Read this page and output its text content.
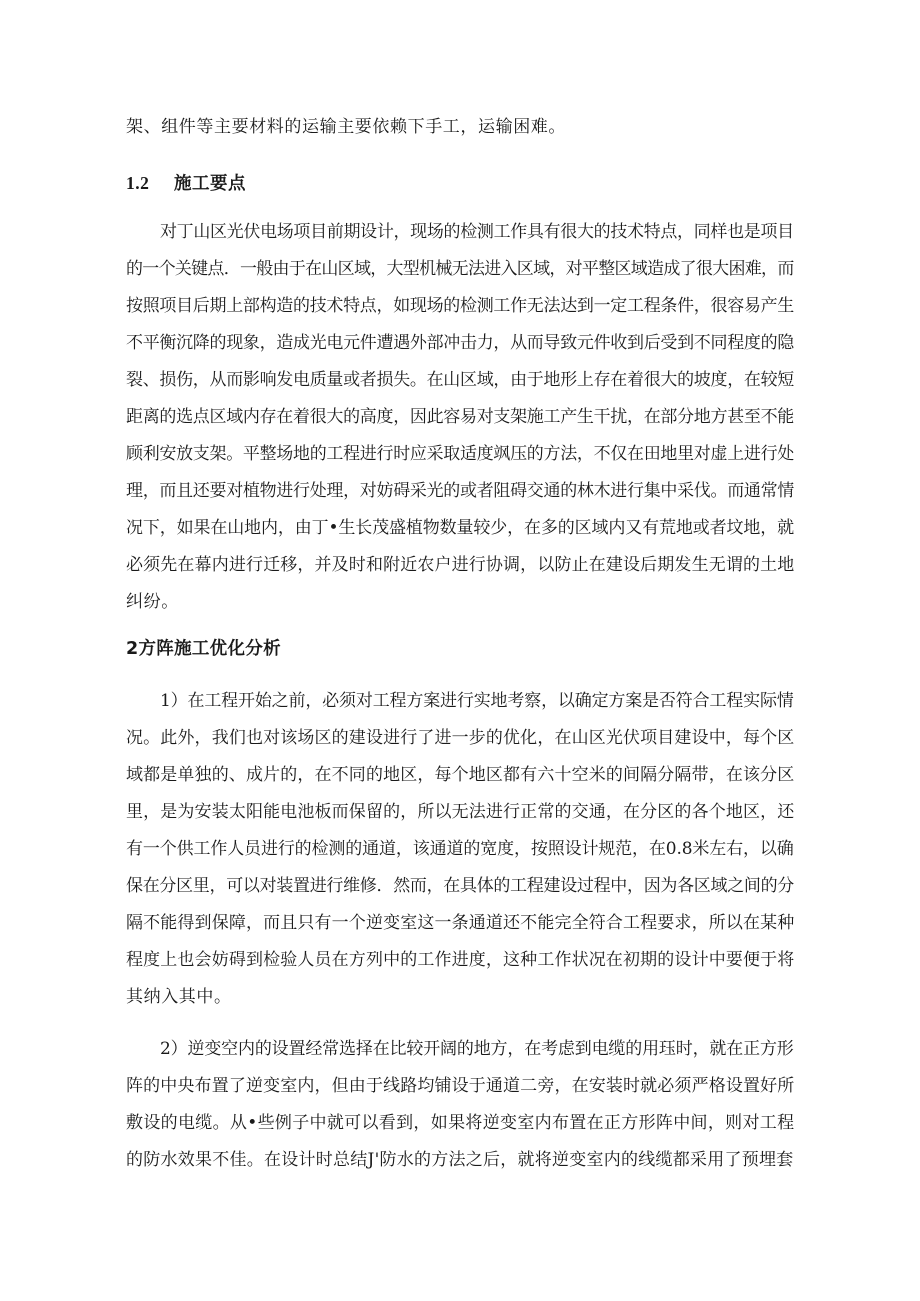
架、组件等主要材料的运输主要依赖下手工，运输困难。
1.2 施工要点
对丁山区光伏电场项目前期设计，现场的检测工作具有很大的技术特点，同样也是项目
的一个关键点．一般由于在山区域，大型机械无法进入区域，对平整区域造成了很大困难，而
按照项目后期上部构造的技术特点，如现场的检测工作无法达到一定工程条件，很容易产生
不平衡沉降的现象，造成光电元件遭遇外部冲击力，从而导致元件收到后受到不同程度的隐
裂、损伤，从而影响发电质量或者损失。在山区域，由于地形上存在着很大的坡度，在较短
距离的选点区域内存在着很大的高度，因此容易对支架施工产生干扰，在部分地方甚至不能
顾利安放支架。平整场地的工程进行时应采取适度飒压的方法，不仅在田地里对虚上进行处
理，而且还要对植物进行处理，对妨碍采光的或者阻碍交通的林木进行集中采伐。而通常情
况下，如果在山地内，由丁•生长茂盛植物数量较少，在多的区域内又有荒地或者坟地，就
必须先在幕内进行迁移，并及时和附近农户进行协调，以防止在建设后期发生无谓的土地
纠纷。
2方阵施工优化分析
1）在工程开始之前，必须对工程方案进行实地考察，以确定方案是否符合工程实际情
况。此外，我们也对该场区的建设进行了进一步的优化，在山区光伏项目建设中，每个区
域都是单独的、成片的，在不同的地区，每个地区都有六十空米的间隔分隔带，在该分区
里，是为安装太阳能电池板而保留的，所以无法进行正常的交通，在分区的各个地区，还
有一个供工作人员进行的检测的通道，该通道的宽度，按照设计规范，在0.8米左右，以确
保在分区里，可以对装置进行维修．然而，在具体的工程建设过程中，因为各区域之间的分
隔不能得到保障，而且只有一个逆变室这一条通道还不能完全符合工程要求，所以在某种
程度上也会妨碍到检验人员在方列中的工作进度，这种工作状况在初期的设计中要便于将
其纳入其中。
2）逆变空内的设置经常选择在比较开阔的地方，在考虑到电缆的用珏时，就在正方形
阵的中央布置了逆变室内，但由于线路均铺设于通道二旁，在安装时就必须严格设置好所
敷设的电缆。从•些例子中就可以看到，如果将逆变室内布置在正方形阵中间，则对工程
的防水效果不佳。在设计时总结J'防水的方法之后，就将逆变室内的线缆都采用了预埋套
